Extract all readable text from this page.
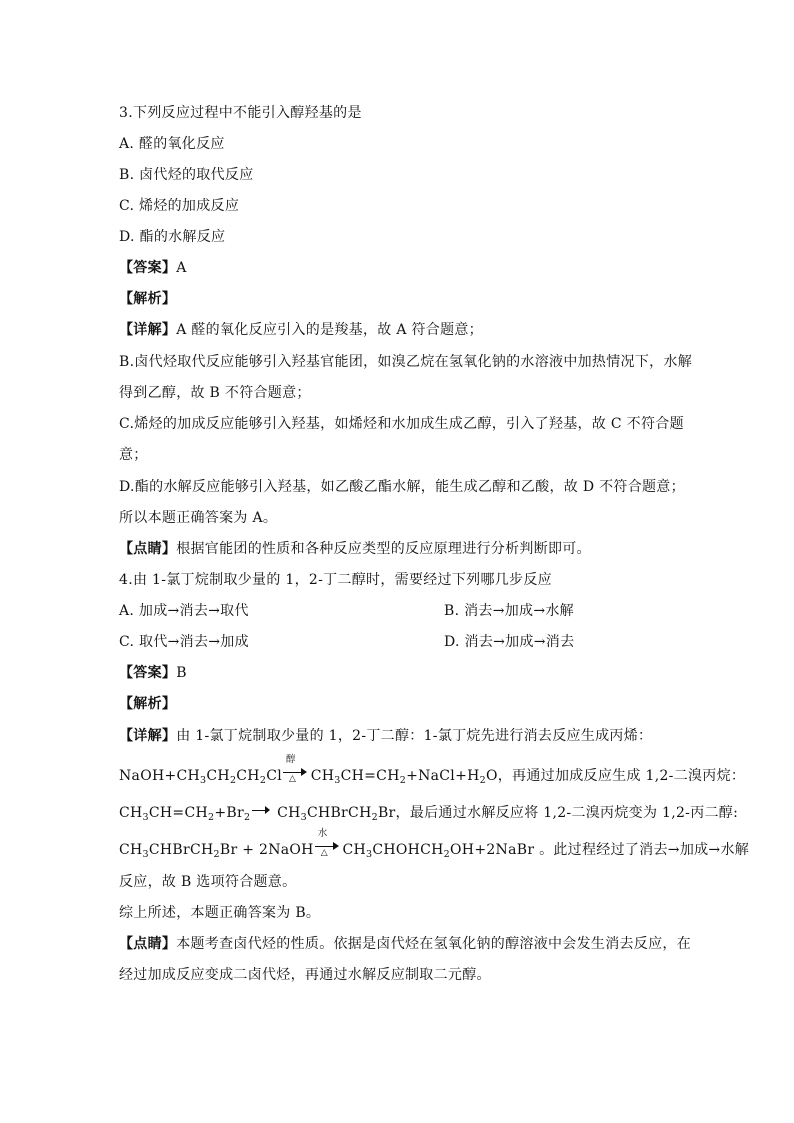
3.下列反应过程中不能引入醇羟基的是
A. 醛的氧化反应
B. 卤代烃的取代反应
C. 烯烃的加成反应
D. 酯的水解反应
【答案】A
【解析】
【详解】A 醛的氧化反应引入的是羧基，故 A 符合题意；
B.卤代烃取代反应能够引入羟基官能团，如溴乙烷在氢氧化钠的水溶液中加热情况下，水解
得到乙醇，故 B 不符合题意；
C.烯烃的加成反应能够引入羟基，如烯烃和水加成生成乙醇，引入了羟基，故 C 不符合题
意；
D.酯的水解反应能够引入羟基，如乙酸乙酯水解，能生成乙醇和乙酸，故 D 不符合题意；
所以本题正确答案为 A。
【点睛】根据官能团的性质和各种反应类型的反应原理进行分析判断即可。
4.由 1-氯丁烷制取少量的 1，2-丁二醇时，需要经过下列哪几步反应
A. 加成→消去→取代	B. 消去→加成→水解
C. 取代→消去→加成	D. 消去→加成→消去
【答案】B
【解析】
【详解】由 1-氯丁烷制取少量的 1，2-丁二醇：1-氯丁烷先进行消去反应生成丙烯：
$NaOH+CH_3CH_2CH_2Cl$
醇
△ $CH_3CH=CH_2+NaCl+H_2O$，再通过加成反应生成 1,2-二溴丙烷：
$CH_3CH=CH_2+Br_2$
$CH_3CHBrCH_2Br$，最后通过水解反应将 1,2-二溴丙烷变为 1,2-丙二醇:
$CH_3CHBrCH_2Br$ + 2NaOH
水
△ $CH_3CHOHCH_2OH+2NaBr$ 。此过程经过了消去→加成→水解
反应，故 B 选项符合题意。
综上所述，本题正确答案为 B。
【点睛】本题考查卤代烃的性质。依据是卤代烃在氢氧化钠的醇溶液中会发生消去反应，在
经过加成反应变成二卤代烃，再通过水解反应制取二元醇。
